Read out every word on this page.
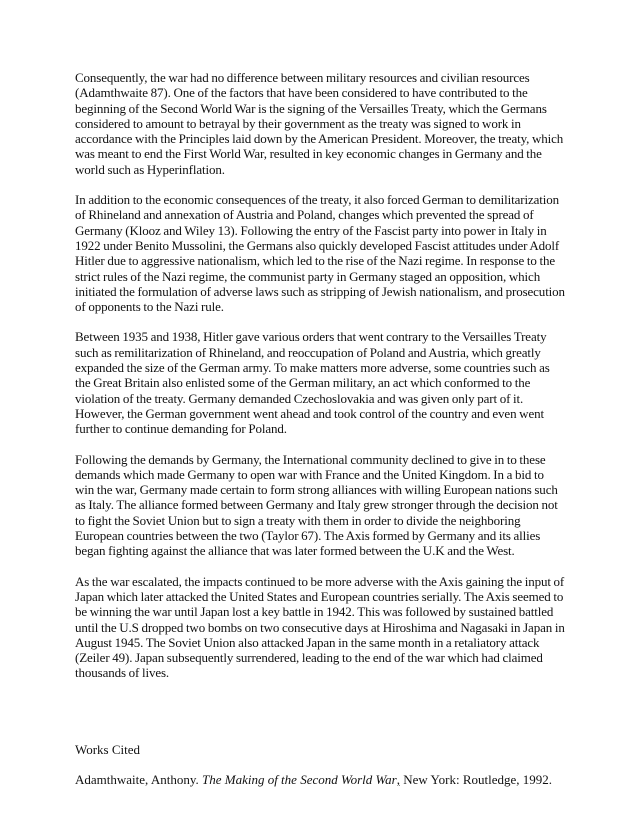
Consequently, the war had no difference between military resources and civilian resources (Adamthwaite 87). One of the factors that have been considered to have contributed to the beginning of the Second World War is the signing of the Versailles Treaty, which the Germans considered to amount to betrayal by their government as the treaty was signed to work in accordance with the Principles laid down by the American President. Moreover, the treaty, which was meant to end the First World War, resulted in key economic changes in Germany and the world such as Hyperinflation.

In addition to the economic consequences of the treaty, it also forced German to demilitarization of Rhineland and annexation of Austria and Poland, changes which prevented the spread of Germany (Klooz and Wiley 13). Following the entry of the Fascist party into power in Italy in 1922 under Benito Mussolini, the Germans also quickly developed Fascist attitudes under Adolf Hitler due to aggressive nationalism, which led to the rise of the Nazi regime. In response to the strict rules of the Nazi regime, the communist party in Germany staged an opposition, which initiated the formulation of adverse laws such as stripping of Jewish nationalism, and prosecution of opponents to the Nazi rule.

Between 1935 and 1938, Hitler gave various orders that went contrary to the Versailles Treaty such as remilitarization of Rhineland, and reoccupation of Poland and Austria, which greatly expanded the size of the German army. To make matters more adverse, some countries such as the Great Britain also enlisted some of the German military, an act which conformed to the violation of the treaty. Germany demanded Czechoslovakia and was given only part of it. However, the German government went ahead and took control of the country and even went further to continue demanding for Poland.

Following the demands by Germany, the International community declined to give in to these demands which made Germany to open war with France and the United Kingdom. In a bid to win the war, Germany made certain to form strong alliances with willing European nations such as Italy. The alliance formed between Germany and Italy grew stronger through the decision not to fight the Soviet Union but to sign a treaty with them in order to divide the neighboring European countries between the two (Taylor 67). The Axis formed by Germany and its allies began fighting against the alliance that was later formed between the U.K and the West.

As the war escalated, the impacts continued to be more adverse with the Axis gaining the input of Japan which later attacked the United States and European countries serially. The Axis seemed to be winning the war until Japan lost a key battle in 1942. This was followed by sustained battled until the U.S dropped two bombs on two consecutive days at Hiroshima and Nagasaki in Japan in August 1945. The Soviet Union also attacked Japan in the same month in a retaliatory attack (Zeiler 49). Japan subsequently surrendered, leading to the end of the war which had claimed thousands of lives.

Works Cited

Adamthwaite, Anthony. The Making of the Second World War, New York: Routledge, 1992.
